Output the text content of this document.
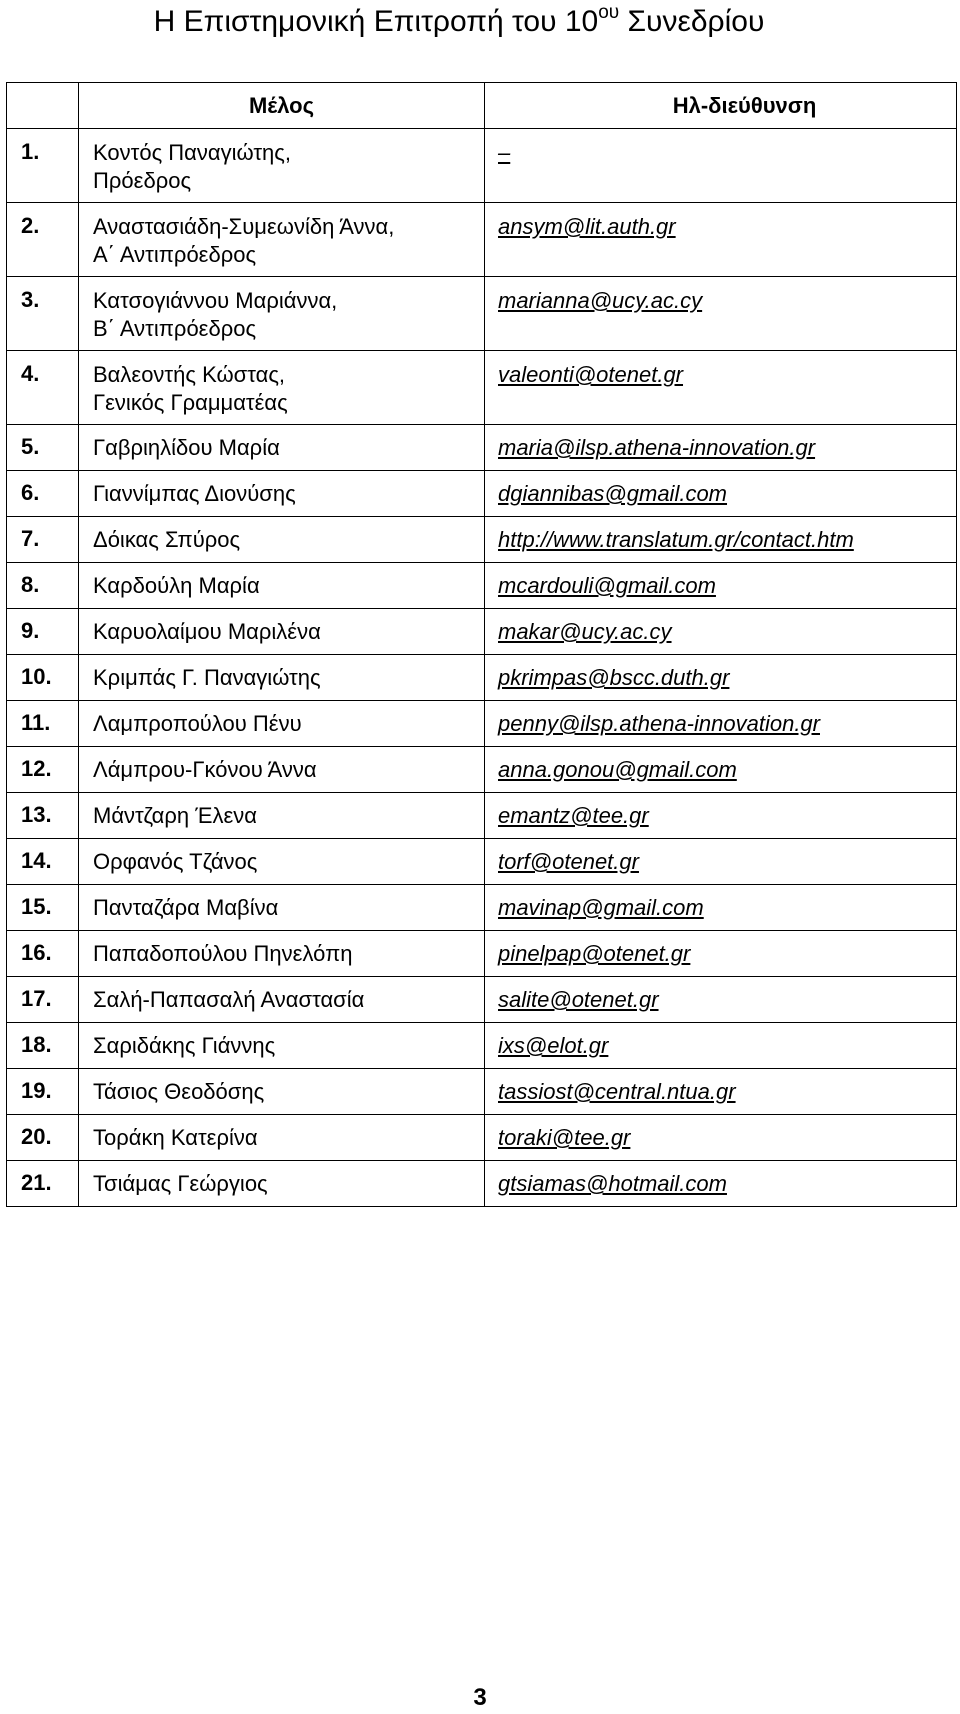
Η Επιστημονική Επιτροπή του $10^{o\upsilon}$ Συνεδρίου
	Μέλος	Ηλ-διεύθυνση
1.	Κοντός Παναγιώτης,
Πρόεδρος	–
2.	Αναστασιάδη-Συμεωνίδη Άννα,
Α΄ Αντιπρόεδρος	ansym@lit.auth.gr
3.	Κατσογιάννου Μαριάννα,
Β΄ Αντιπρόεδρος	marianna@ucy.ac.cy
4.	Βαλεοντής Κώστας,
Γενικός Γραμματέας	valeonti@otenet.gr
5.	Γαβριηλίδου Μαρία	maria@ilsp.athena-innovation.gr
6.	Γιαννίμπας Διονύσης	dgiannibas@gmail.com
7.	Δόικας Σπύρος	http://www.translatum.gr/contact.htm
8.	Καρδούλη Μαρία	mcardouli@gmail.com
9.	Καρυολαίμου Μαριλένα	makar@ucy.ac.cy
10.	Κριμπάς Γ. Παναγιώτης	pkrimpas@bscc.duth.gr
11.	Λαμπροπούλου Πένυ	penny@ilsp.athena-innovation.gr
12.	Λάμπρου-Γκόνου Άννα	anna.gonou@gmail.com
13.	Μάντζαρη Έλενα	emantz@tee.gr
14.	Ορφανός Τζάνος	torf@otenet.gr
15.	Πανταζάρα Μαβίνα	mavinap@gmail.com
16.	Παπαδοπούλου Πηνελόπη	pinelpap@otenet.gr
17.	Σαλή-Παπασαλή Αναστασία	salite@otenet.gr
18.	Σαριδάκης Γιάννης	ixs@elot.gr
19.	Τάσιος Θεοδόσης	tassiost@central.ntua.gr
20.	Τοράκη Κατερίνα	toraki@tee.gr
21.	Τσιάμας Γεώργιος	gtsiamas@hotmail.com
3
